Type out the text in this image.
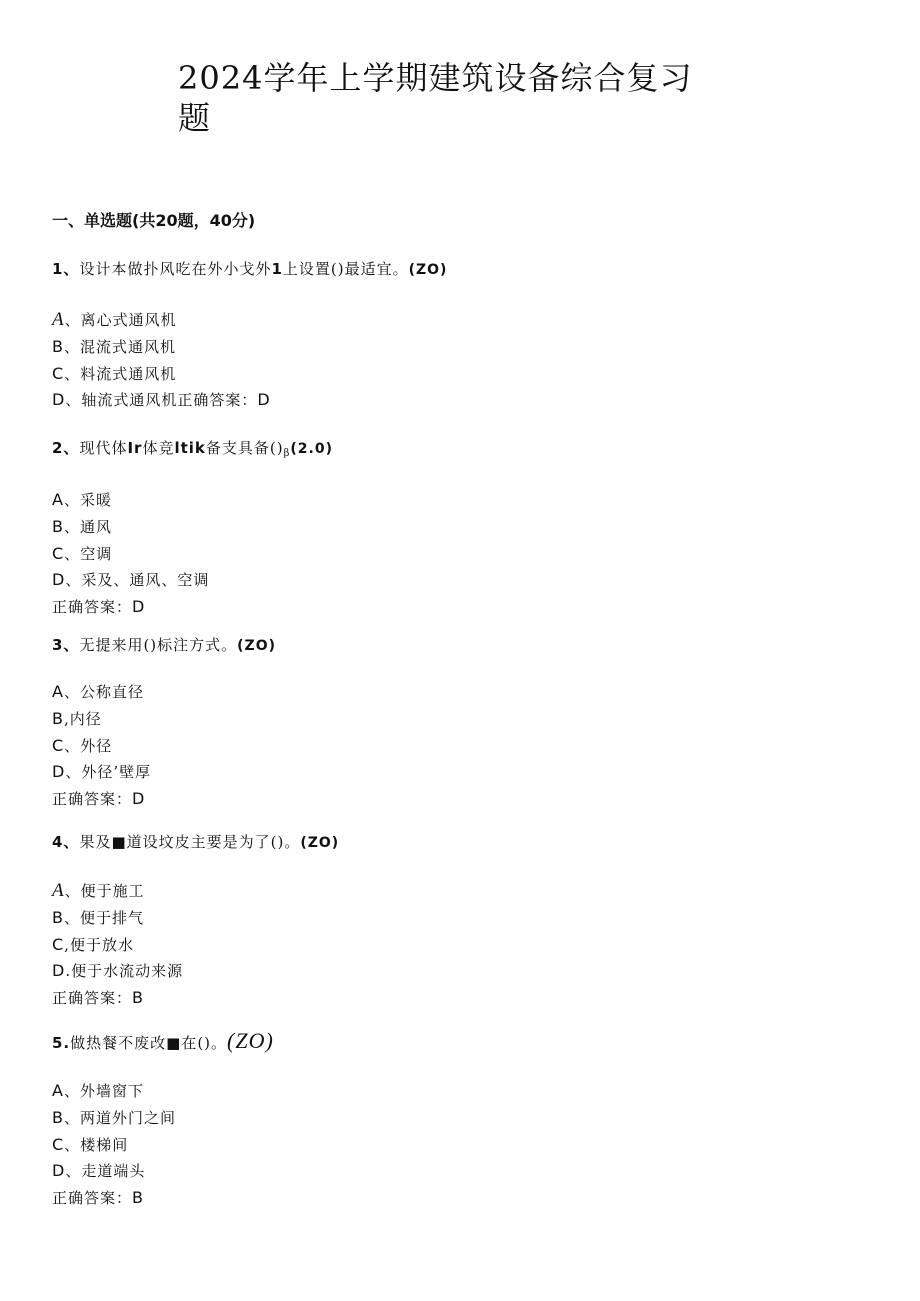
2024学年上学期建筑设备综合复习题
一、单选题(共20题，40分)

1、设计本做扑风吃在外小戈外1上设置()最适宜。(ZO)

A、离心式通风机
B、混流式通风机
C、料流式通风机
D、轴流式通风机正确答案：D

2、现代体Ir体竞ltik备支具备$()_\beta(2.0)$

A、采暖
B、通风
C、空调
D、采及、通风、空调
正确答案：D

3、无提来用()标注方式。(ZO)

A、公称直径
B,内径
C、外径
D、外径’壁厚
正确答案：D

4、果及■道设坟皮主要是为了()。(ZO)

A、便于施工
B、便于排气
C,便于放水
D.便于水流动来源
正确答案：B

5.做热餐不废改■在()。(ZO)

A、外墙窗下
B、两道外门之间
C、楼梯间
D、走道端头
正确答案：B
